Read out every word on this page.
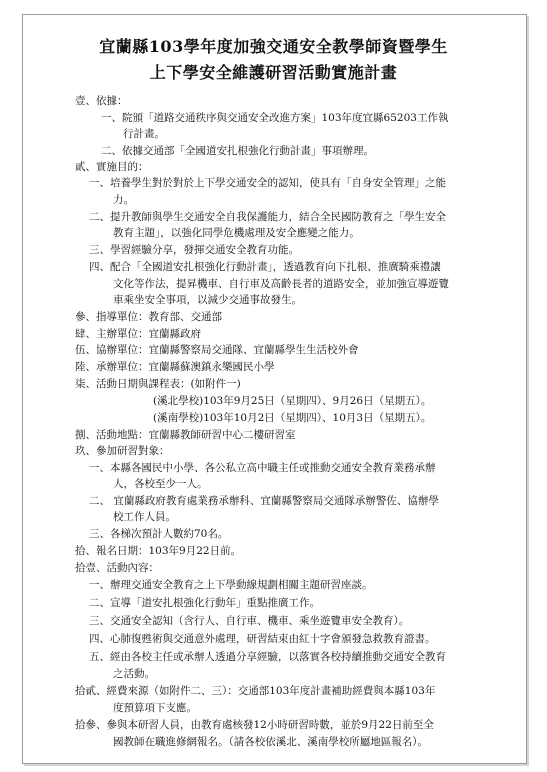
宜蘭縣103學年度加強交通安全教學師資暨學生
上下學安全維護研習活動實施計畫
壹、依據：
一、院頒「道路交通秩序與交通安全改進方案」103年度宜縣65203工作執
行計畫。
二、依據交通部「全國道安扎根強化行動計畫」事項辦理。
貳、實施目的：
一、培養學生對於對於上下學交通安全的認知，使具有「自身安全管理」之能
力。
二、提升教師與學生交通安全自我保護能力，結合全民國防教育之「學生安全
教育主題」，以強化同學危機處理及安全應變之能力。
三、學習經驗分享，發揮交通安全教育功能。
四、配合「全國道安扎根強化行動計畫」，透過教育向下扎根、推廣騎乘禮讓
文化等作法，提昇機車、自行車及高齡長者的道路安全，並加強宣導遊覽
車乘坐安全事項，以減少交通事故發生。
參、指導單位：教育部、交通部
肆、主辦單位：宜蘭縣政府
伍、協辦單位：宜蘭縣警察局交通隊、宜蘭縣學生生活校外會
陸、承辦單位：宜蘭縣蘇澳鎮永樂國民小學
柒、活動日期與課程表：(如附件一)
(溪北學校)103年9月25日（星期四）、9月26日（星期五）。
(溪南學校)103年10月2日（星期四）、10月3日（星期五）。
捌、活動地點：宜蘭縣教師研習中心二樓研習室
玖、參加研習對象：
一、本縣各國民中小學、各公私立高中職主任或推動交通安全教育業務承辦
人，各校至少一人。
二、 宜蘭縣政府教育處業務承辦科、宜蘭縣警察局交通隊承辦警佐、協辦學
校工作人員。
三、各梯次預計人數約70名。
拾、報名日期：103年9月22日前。
拾壹、活動內容：
一、辦理交通安全教育之上下學動線規劃相關主題研習座談。
二、宣導「道安扎根強化行動年」重點推廣工作。
三、交通安全認知（含行人、自行車、機車、乘坐遊覽車安全教育）。
四、心肺復甦術與交通意外處理，研習結束由紅十字會頒發急救教育證書。
五、經由各校主任或承辦人透過分享經驗，以落實各校持續推動交通安全教育
之活動。
拾貳、經費來源（如附件二、三）：交通部103年度計畫補助經費與本縣103年
度預算項下支應。
拾參、參與本研習人員，由教育處核發12小時研習時數，並於9月22日前至全
國教師在職進修網報名。（請各校依溪北、溪南學校所屬地區報名）。
